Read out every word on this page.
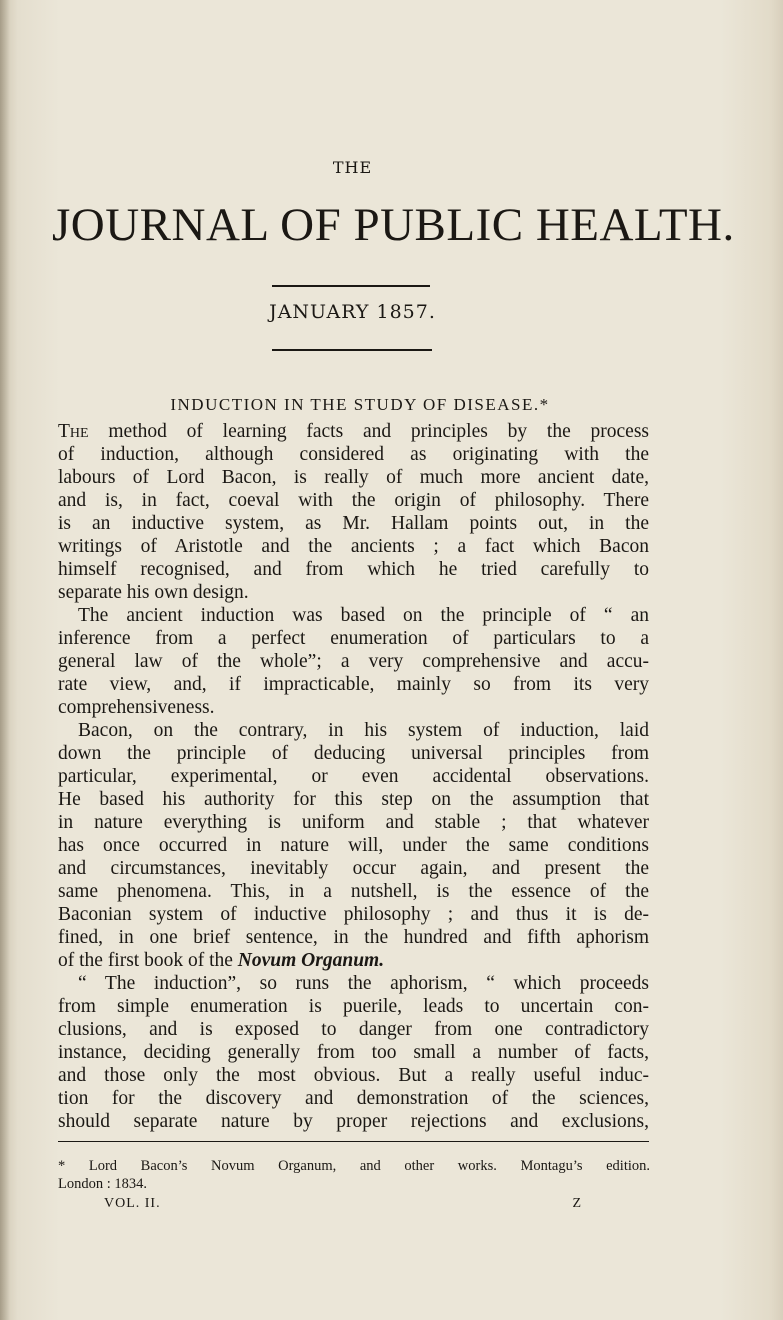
THE
JOURNAL OF PUBLIC HEALTH.
JANUARY 1857.
INDUCTION IN THE STUDY OF DISEASE.*
The method of learning facts and principles by the process
of induction, although considered as originating with the
labours of Lord Bacon, is really of much more ancient date,
and is, in fact, coeval with the origin of philosophy. There
is an inductive system, as Mr. Hallam points out, in the
writings of Aristotle and the ancients ; a fact which Bacon
himself recognised, and from which he tried carefully to
separate his own design.
The ancient induction was based on the principle of “ an
inference from a perfect enumeration of particulars to a
general law of the whole”; a very comprehensive and accu-
rate view, and, if impracticable, mainly so from its very
comprehensiveness.
Bacon, on the contrary, in his system of induction, laid
down the principle of deducing universal principles from
particular, experimental, or even accidental observations.
He based his authority for this step on the assumption that
in nature everything is uniform and stable ; that whatever
has once occurred in nature will, under the same conditions
and circumstances, inevitably occur again, and present the
same phenomena. This, in a nutshell, is the essence of the
Baconian system of inductive philosophy ; and thus it is de-
fined, in one brief sentence, in the hundred and fifth aphorism
of the first book of the Novum Organum.
“ The induction”, so runs the aphorism, “ which proceeds
from simple enumeration is puerile, leads to uncertain con-
clusions, and is exposed to danger from one contradictory
instance, deciding generally from too small a number of facts,
and those only the most obvious. But a really useful induc-
tion for the discovery and demonstration of the sciences,
should separate nature by proper rejections and exclusions,
* Lord Bacon’s Novum Organum, and other works. Montagu’s edition.
London : 1834.
VOL. II.	Z
